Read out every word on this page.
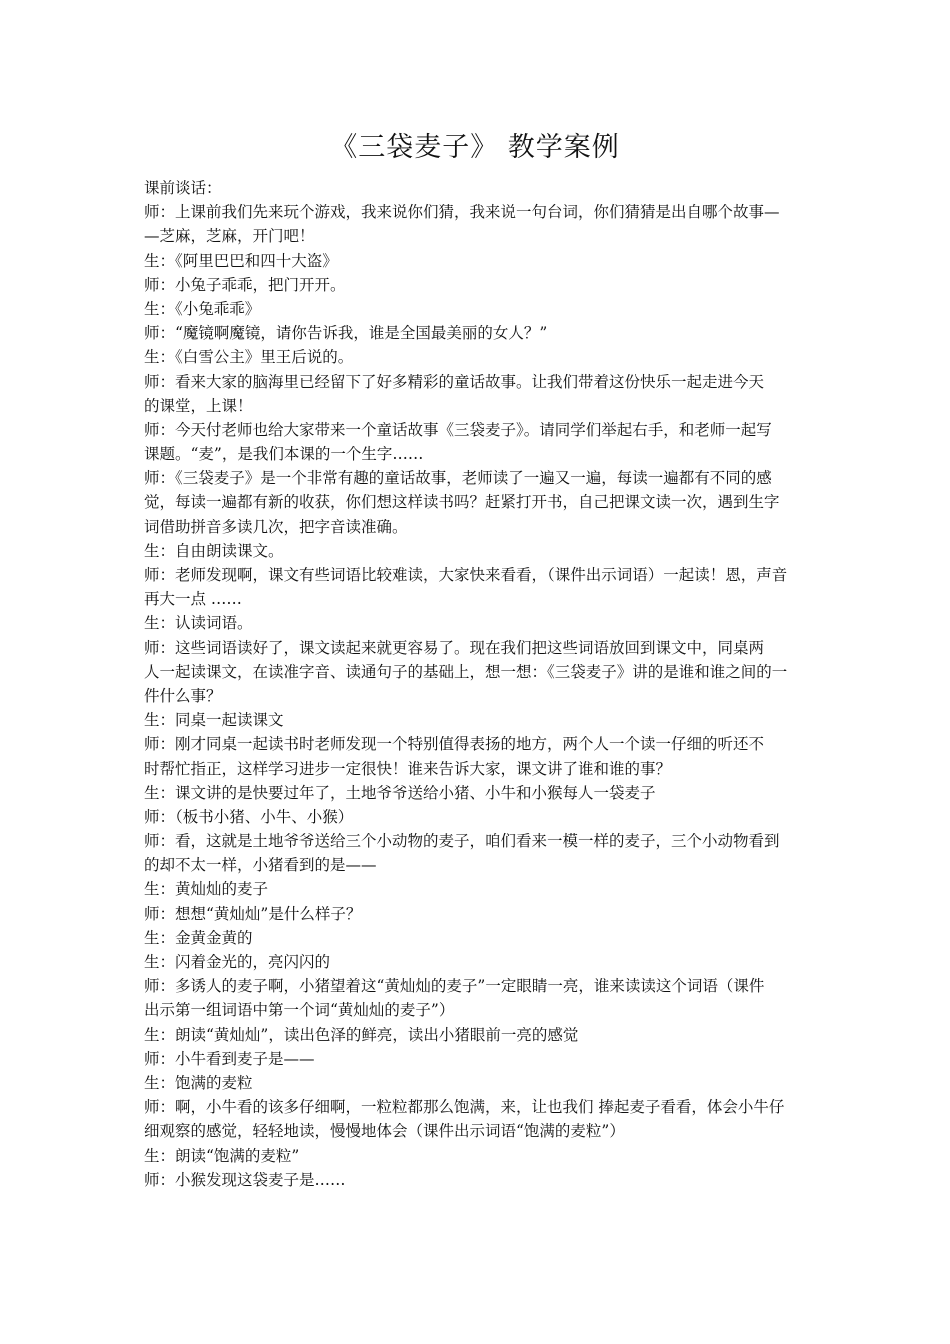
《三袋麦子》 教学案例
课前谈话：
师：上课前我们先来玩个游戏，我来说你们猜，我来说一句台词，你们猜猜是出自哪个故事—
—芝麻，芝麻，开门吧！
生：《阿里巴巴和四十大盗》
师：小兔子乖乖，把门开开。
生：《小兔乖乖》
师：“魔镜啊魔镜，请你告诉我，谁是全国最美丽的女人？”
生：《白雪公主》里王后说的。
师：看来大家的脑海里已经留下了好多精彩的童话故事。让我们带着这份快乐一起走进今天
的课堂，上课！
师：今天付老师也给大家带来一个童话故事《三袋麦子》。请同学们举起右手，和老师一起写
课题。“麦”，是我们本课的一个生字……
师：《三袋麦子》是一个非常有趣的童话故事，老师读了一遍又一遍，每读一遍都有不同的感
觉，每读一遍都有新的收获，你们想这样读书吗？赶紧打开书，自己把课文读一次，遇到生字
词借助拼音多读几次，把字音读准确。
生：自由朗读课文。
师：老师发现啊，课文有些词语比较难读，大家快来看看，（课件出示词语）一起读！恩，声音
再大一点 ……
生：认读词语。
师：这些词语读好了，课文读起来就更容易了。现在我们把这些词语放回到课文中，同桌两
人一起读课文，在读准字音、读通句子的基础上，想一想：《三袋麦子》讲的是谁和谁之间的一
件什么事？
生：同桌一起读课文
师：刚才同桌一起读书时老师发现一个特别值得表扬的地方，两个人一个读一仔细的听还不
时帮忙指正，这样学习进步一定很快！谁来告诉大家，课文讲了谁和谁的事？
生：课文讲的是快要过年了，土地爷爷送给小猪、小牛和小猴每人一袋麦子
师：（板书小猪、小牛、小猴）
师：看，这就是土地爷爷送给三个小动物的麦子，咱们看来一模一样的麦子，三个小动物看到
的却不太一样，小猪看到的是——
生：黄灿灿的麦子
师：想想“黄灿灿”是什么样子？
生：金黄金黄的
生：闪着金光的，亮闪闪的
师：多诱人的麦子啊，小猪望着这“黄灿灿的麦子”一定眼睛一亮，谁来读读这个词语（课件
出示第一组词语中第一个词“黄灿灿的麦子”）
生：朗读“黄灿灿”，读出色泽的鲜亮，读出小猪眼前一亮的感觉
师：小牛看到麦子是——
生：饱满的麦粒
师：啊，小牛看的该多仔细啊，一粒粒都那么饱满，来，让也我们 捧起麦子看看，体会小牛仔
细观察的感觉，轻轻地读，慢慢地体会（课件出示词语“饱满的麦粒”）
生：朗读“饱满的麦粒”
师：小猴发现这袋麦子是……
